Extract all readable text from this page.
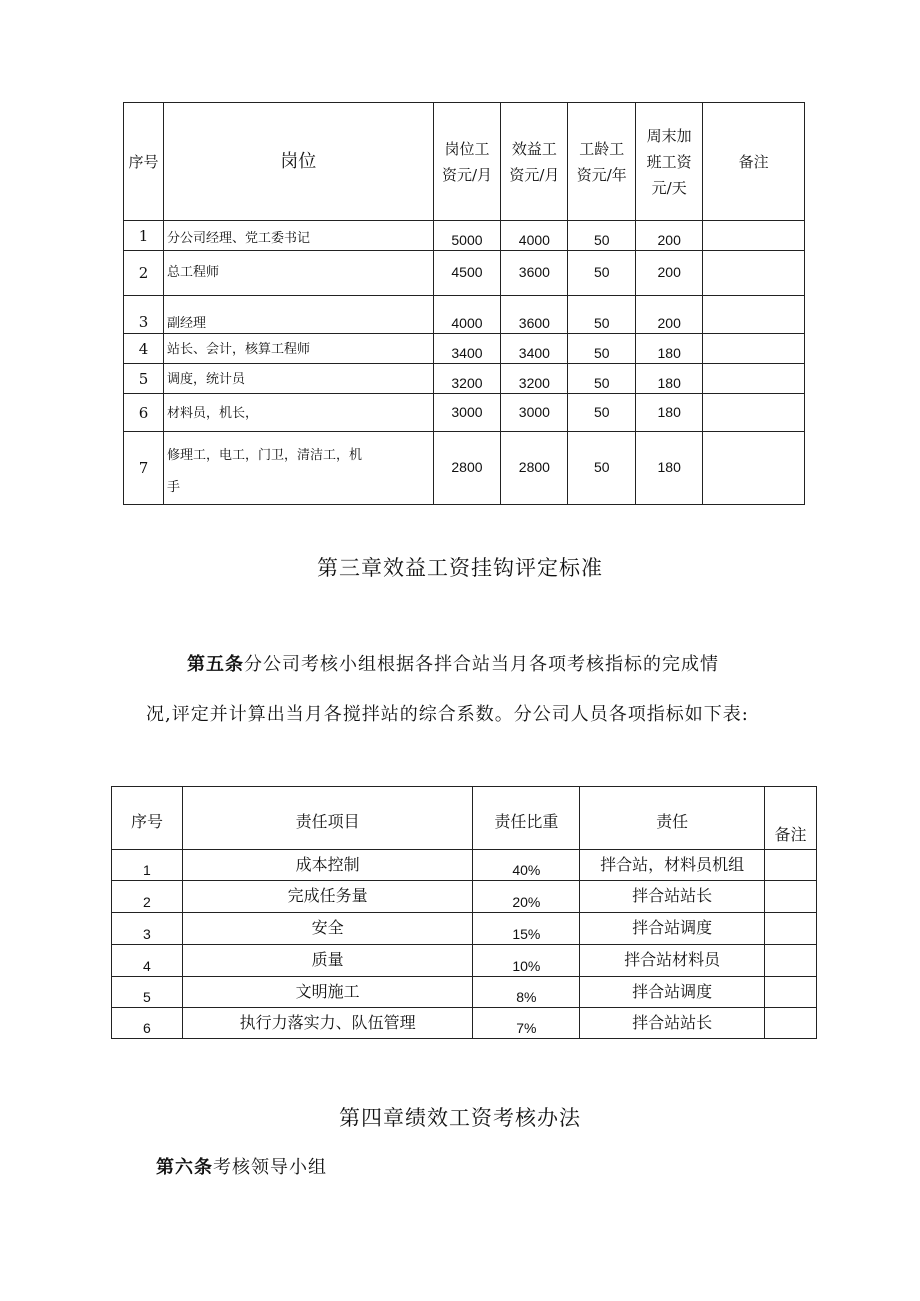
序号	岗位	岗位工资元/月	效益工资元/月	工龄工资元/年	周末加班工资元/天	备注
1	分公司经理、党工委书记	5000	4000	50	200	
2	总工程师	4500	3600	50	200	
3	副经理	4000	3600	50	200	
4	站长、会计，核算工程师	3400	3400	50	180	
5	调度，统计员	3200	3200	50	180	
6	材料员，机长，	3000	3000	50	180	
7	修理工，电工，门卫，清洁工，机手	2800	2800	50	180	
第三章效益工资挂钩评定标准
第五条分公司考核小组根据各拌合站当月各项考核指标的完成情
况,评定并计算出当月各搅拌站的综合系数。分公司人员各项指标如下表:
序号	责任项目	责任比重	责任	备注
1	成本控制	40%	拌合站，材料员机组	
2	完成任务量	20%	拌合站站长	
3	安全	15%	拌合站调度	
4	质量	10%	拌合站材料员	
5	文明施工	8%	拌合站调度	
6	执行力落实力、队伍管理	7%	拌合站站长	
第四章绩效工资考核办法
第六条考核领导小组
